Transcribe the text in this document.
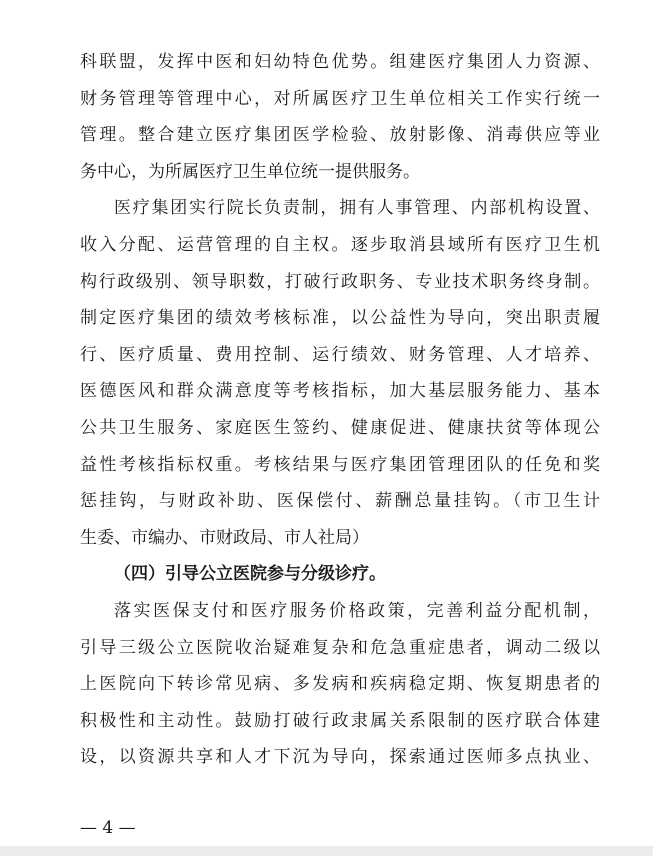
科联盟，发挥中医和妇幼特色优势。组建医疗集团人力资源、
财务管理等管理中心，对所属医疗卫生单位相关工作实行统一
管理。整合建立医疗集团医学检验、放射影像、消毒供应等业
务中心，为所属医疗卫生单位统一提供服务。
医疗集团实行院长负责制，拥有人事管理、内部机构设置、
收入分配、运营管理的自主权。逐步取消县域所有医疗卫生机
构行政级别、领导职数，打破行政职务、专业技术职务终身制。
制定医疗集团的绩效考核标准，以公益性为导向，突出职责履
行、医疗质量、费用控制、运行绩效、财务管理、人才培养、
医德医风和群众满意度等考核指标，加大基层服务能力、基本
公共卫生服务、家庭医生签约、健康促进、健康扶贫等体现公
益性考核指标权重。考核结果与医疗集团管理团队的任免和奖
惩挂钩，与财政补助、医保偿付、薪酬总量挂钩。（市卫生计
生委、市编办、市财政局、市人社局）
（四）引导公立医院参与分级诊疗。
落实医保支付和医疗服务价格政策，完善利益分配机制，
引导三级公立医院收治疑难复杂和危急重症患者，调动二级以
上医院向下转诊常见病、多发病和疾病稳定期、恢复期患者的
积极性和主动性。鼓励打破行政隶属关系限制的医疗联合体建
设，以资源共享和人才下沉为导向，探索通过医师多点执业、
— 4 —
